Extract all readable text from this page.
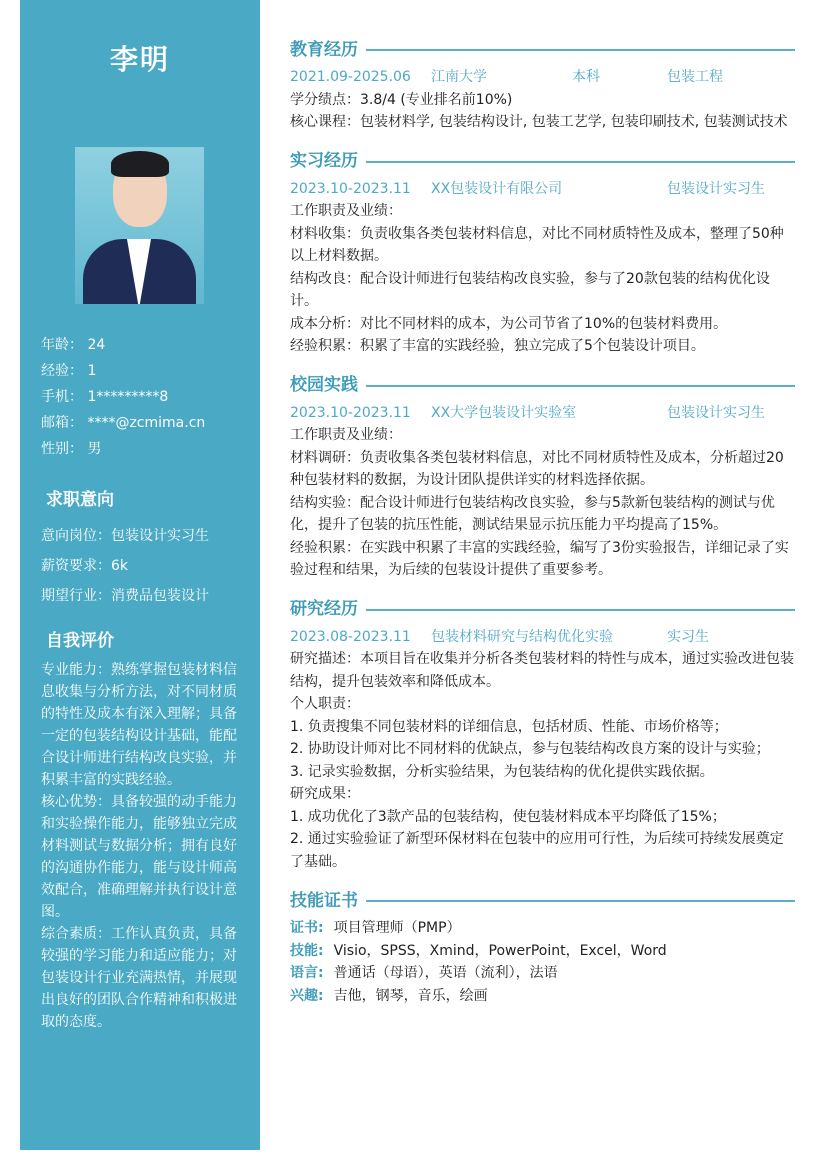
李明
年龄： 24
经验： 1
手机： 1*********8
邮箱： ****@zcmima.cn
性别： 男
求职意向
意向岗位：包装设计实习生
薪资要求：6k
期望行业：消费品包装设计
自我评价
专业能力：熟练掌握包装材料信息收集与分析方法，对不同材质的特性及成本有深入理解；具备一定的包装结构设计基础，能配合设计师进行结构改良实验，并积累丰富的实践经验。
核心优势：具备较强的动手能力和实验操作能力，能够独立完成材料测试与数据分析；拥有良好的沟通协作能力，能与设计师高效配合，准确理解并执行设计意图。
综合素质：工作认真负责，具备较强的学习能力和适应能力；对包装设计行业充满热情，并展现出良好的团队合作精神和积极进取的态度。
教育经历
2021.09-2025.06	江南大学	本科	包装工程
学分绩点：3.8/4 (专业排名前10%)
核心课程：包装材料学, 包装结构设计, 包装工艺学, 包装印刷技术, 包装测试技术
实习经历
2023.10-2023.11	XX包装设计有限公司	包装设计实习生
工作职责及业绩：
材料收集：负责收集各类包装材料信息，对比不同材质特性及成本，整理了50种以上材料数据。
结构改良：配合设计师进行包装结构改良实验，参与了20款包装的结构优化设计。
成本分析：对比不同材料的成本，为公司节省了10%的包装材料费用。
经验积累：积累了丰富的实践经验，独立完成了5个包装设计项目。
校园实践
2023.10-2023.11	XX大学包装设计实验室	包装设计实习生
工作职责及业绩：
材料调研：负责收集各类包装材料信息，对比不同材质特性及成本，分析超过20种包装材料的数据，为设计团队提供详实的材料选择依据。
结构实验：配合设计师进行包装结构改良实验，参与5款新包装结构的测试与优化，提升了包装的抗压性能，测试结果显示抗压能力平均提高了15%。
经验积累：在实践中积累了丰富的实践经验，编写了3份实验报告，详细记录了实验过程和结果，为后续的包装设计提供了重要参考。
研究经历
2023.08-2023.11	包装材料研究与结构优化实验	实习生
研究描述：本项目旨在收集并分析各类包装材料的特性与成本，通过实验改进包装结构，提升包装效率和降低成本。
个人职责：
1. 负责搜集不同包装材料的详细信息，包括材质、性能、市场价格等；
2. 协助设计师对比不同材料的优缺点，参与包装结构改良方案的设计与实验；
3. 记录实验数据，分析实验结果，为包装结构的优化提供实践依据。
研究成果：
1. 成功优化了3款产品的包装结构，使包装材料成本平均降低了15%；
2. 通过实验验证了新型环保材料在包装中的应用可行性，为后续可持续发展奠定了基础。
技能证书
证书: 项目管理师（PMP）
技能: Visio，SPSS，Xmind，PowerPoint，Excel，Word
语言: 普通话（母语），英语（流利），法语
兴趣: 吉他，钢琴，音乐，绘画
